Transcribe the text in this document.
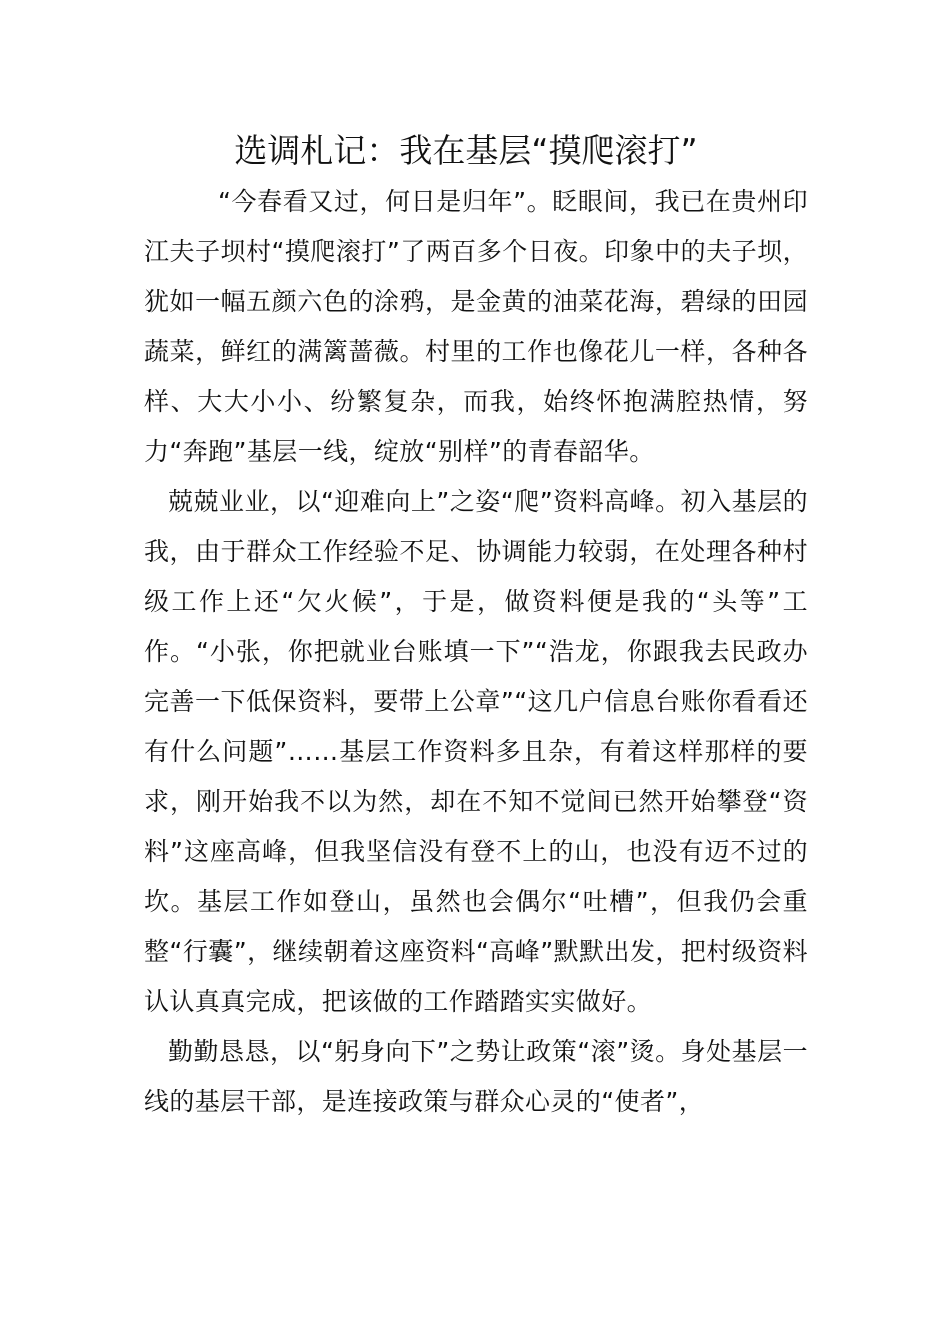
选调札记：我在基层“摸爬滚打”

“今春看又过，何日是归年”。眨眼间，我已在贵州印江夫子坝村“摸爬滚打”了两百多个日夜。印象中的夫子坝，犹如一幅五颜六色的涂鸦，是金黄的油菜花海，碧绿的田园蔬菜，鲜红的满篱蔷薇。村里的工作也像花儿一样，各种各样、大大小小、纷繁复杂，而我，始终怀抱满腔热情，努力“奔跑”基层一线，绽放“别样”的青春韶华。

兢兢业业，以“迎难向上”之姿“爬”资料高峰。初入基层的我，由于群众工作经验不足、协调能力较弱，在处理各种村级工作上还“欠火候”，于是，做资料便是我的“头等”工作。“小张，你把就业台账填一下”“浩龙，你跟我去民政办完善一下低保资料，要带上公章”“这几户信息台账你看看还有什么问题”……基层工作资料多且杂，有着这样那样的要求，刚开始我不以为然，却在不知不觉间已然开始攀登“资料”这座高峰，但我坚信没有登不上的山，也没有迈不过的坎。基层工作如登山，虽然也会偶尔“吐槽”，但我仍会重整“行囊”，继续朝着这座资料“高峰”默默出发，把村级资料认认真真完成，把该做的工作踏踏实实做好。

勤勤恳恳，以“躬身向下”之势让政策“滚”烫。身处基层一线的基层干部，是连接政策与群众心灵的“使者”，
